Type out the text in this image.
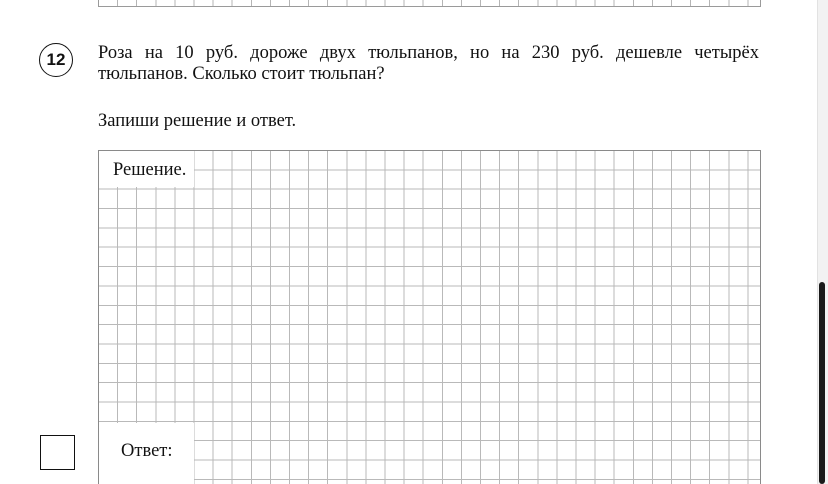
12 Роза на 10 руб. дороже двух тюльпанов, но на 230 руб. дешевле четырёх тюльпанов. Сколько стоит тюльпан?
Запиши решение и ответ.
Решение.
Ответ:
